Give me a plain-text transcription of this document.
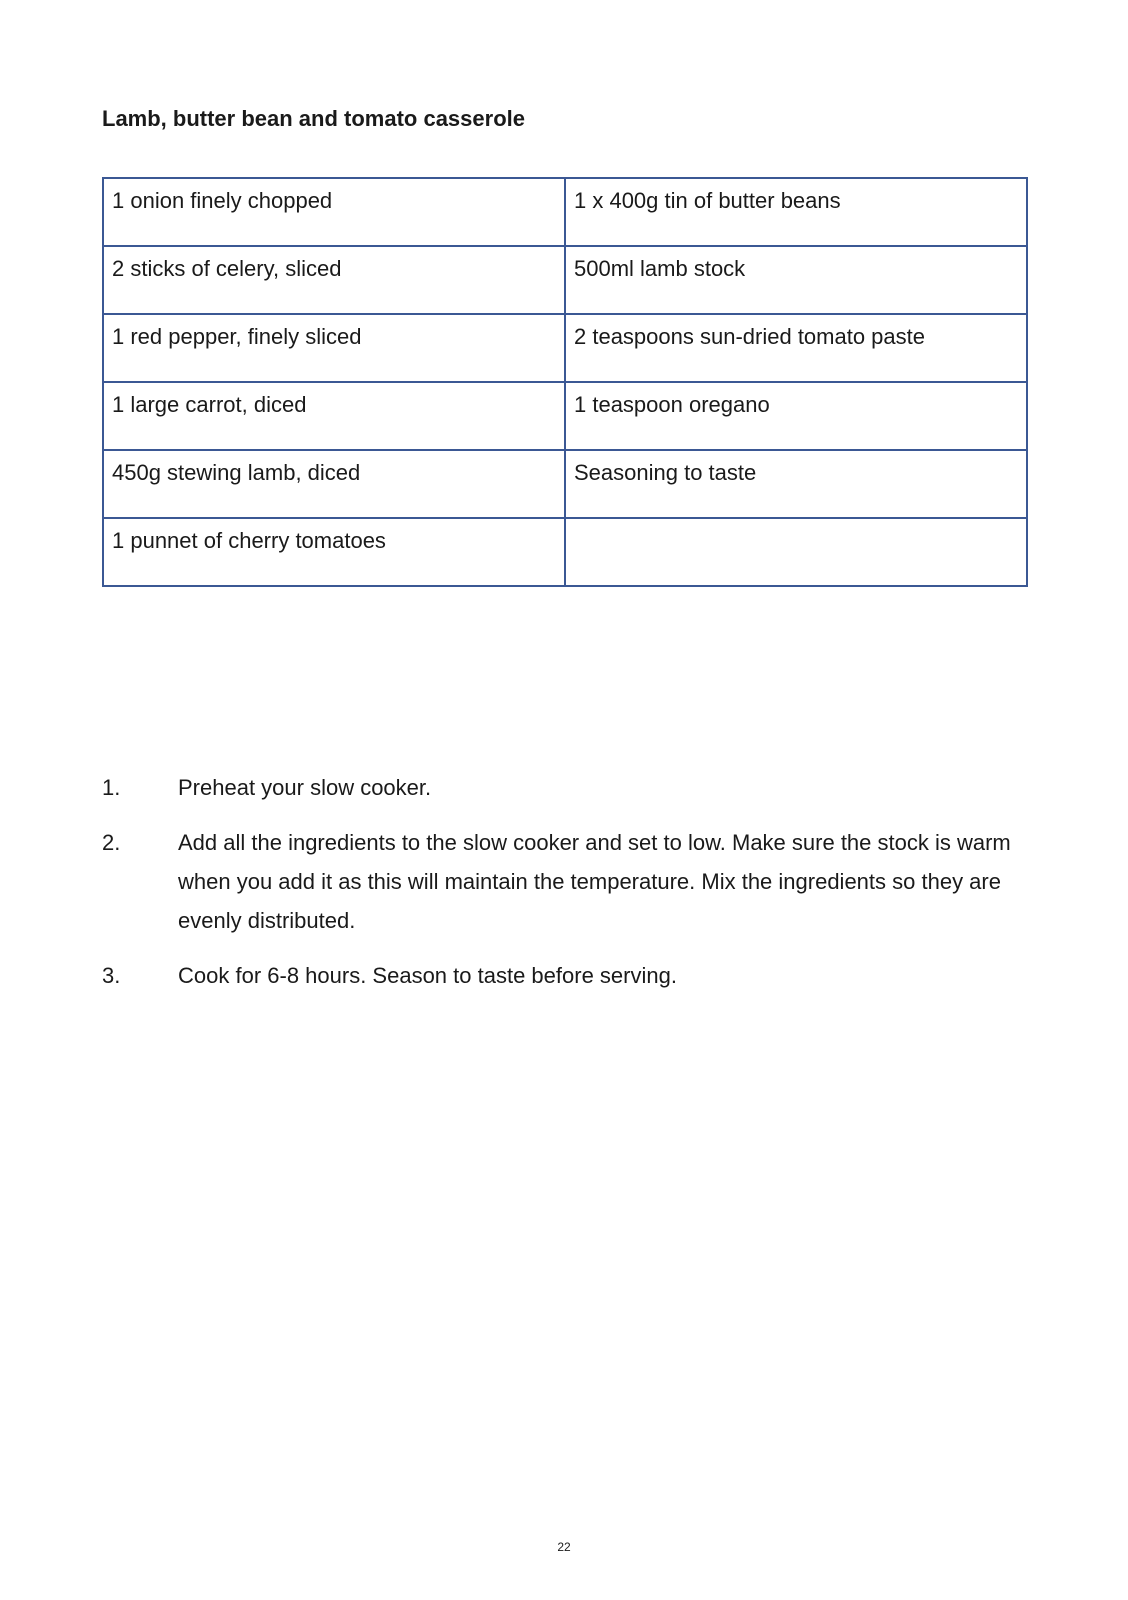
Lamb, butter bean and tomato casserole
1 onion finely chopped	1 x 400g tin of butter beans
2 sticks of celery, sliced	500ml lamb stock
1 red pepper, finely sliced	2 teaspoons sun-dried tomato paste
1 large carrot, diced	1 teaspoon oregano
450g stewing lamb, diced	Seasoning to taste
1 punnet of cherry tomatoes	
1.	Preheat your slow cooker.
2.	Add all the ingredients to the slow cooker and set to low. Make sure the stock is warm when you add it as this will maintain the temperature. Mix the ingredients so they are evenly distributed.
3.	Cook for 6-8 hours. Season to taste before serving.
22
